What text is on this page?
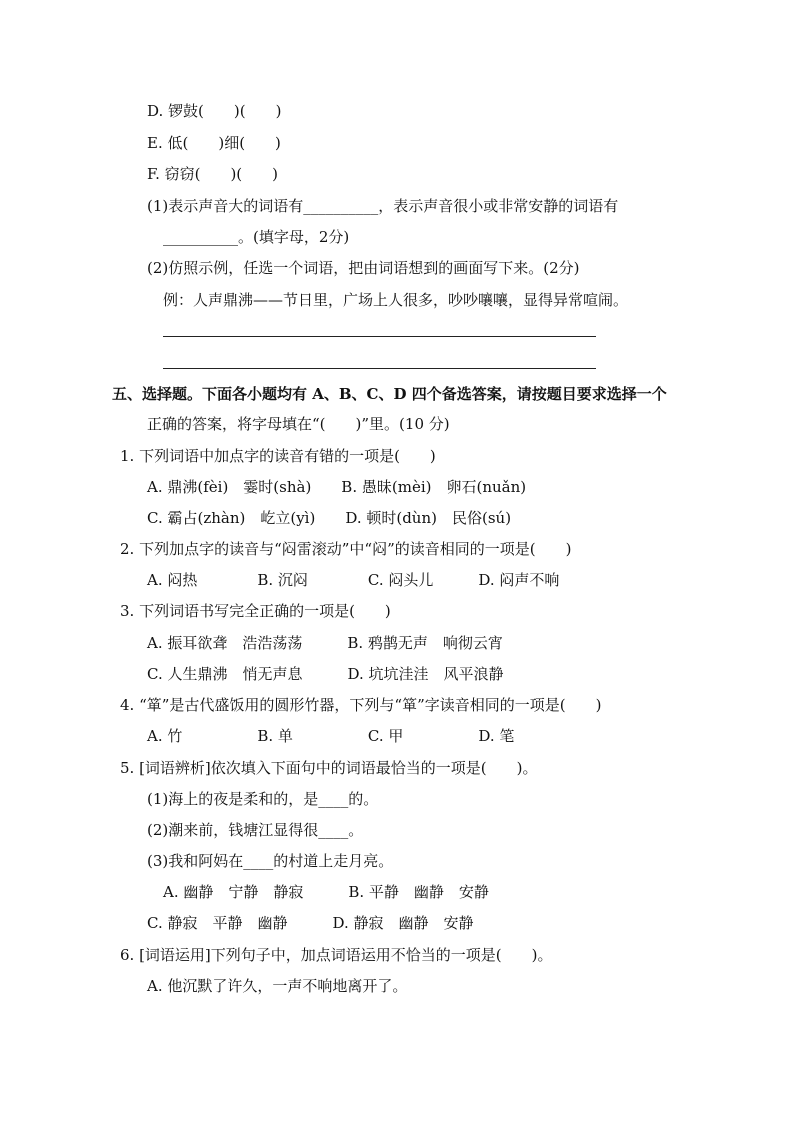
D. 锣鼓(　　)(　　)
E. 低(　　)细(　　)
F. 窃窃(　　)(　　)
(1)表示声音大的词语有__________，表示声音很小或非常安静的词语有
__________。(填字母，2分)
(2)仿照示例，任选一个词语，把由词语想到的画面写下来。(2分)
例：人声鼎沸——节日里，广场上人很多，吵吵嚷嚷，显得异常喧闹。
五、选择题。下面各小题均有 A、B、C、D 四个备选答案，请按题目要求选择一个
正确的答案，将字母填在“(　　)”里。(10 分)
1. 下列词语中加点字的读音有错的一项是(　　)
A. 鼎沸(fèi)　霎时(shà)　　B. 愚昧(mèi)　卵石(nuǎn)
C. 霸占(zhàn)　屹立(yì)　　D. 顿时(dùn)　民俗(sú)
2. 下列加点字的读音与“闷雷滚动”中“闷”的读音相同的一项是(　　)
A. 闷热　　　　B. 沉闷　　　　C. 闷头儿　　　D. 闷声不响
3. 下列词语书写完全正确的一项是(　　)
A. 振耳欲聋　浩浩荡荡　　　B. 鸦鹊无声　响彻云宵
C. 人生鼎沸　悄无声息　　　D. 坑坑洼洼　风平浪静
4. “箪”是古代盛饭用的圆形竹器，下列与“箪”字读音相同的一项是(　　)
A. 竹　　　　　B. 单　　　　　C. 甲　　　　　D. 笔
5. [词语辨析]依次填入下面句中的词语最恰当的一项是(　　)。
(1)海上的夜是柔和的，是____的。
(2)潮来前，钱塘江显得很____。
(3)我和阿妈在____的村道上走月亮。
A. 幽静　宁静　静寂　　　B. 平静　幽静　安静
C. 静寂　平静　幽静　　　D. 静寂　幽静　安静
6. [词语运用]下列句子中，加点词语运用不恰当的一项是(　　)。
A. 他沉默了许久，一声不响地离开了。
